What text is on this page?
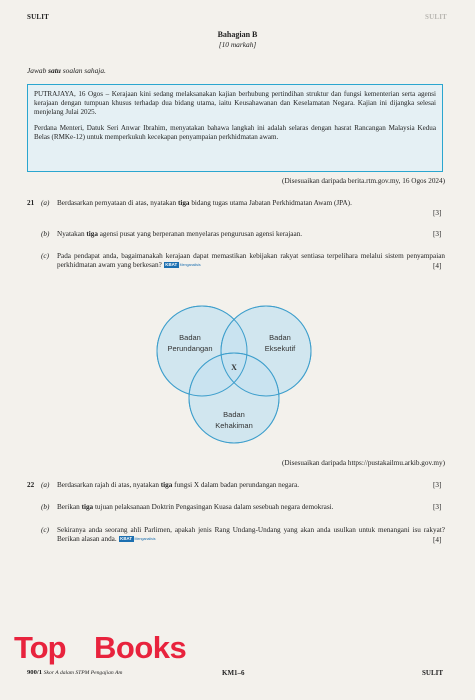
SULIT	SULIT
Bahagian B
[10 markah]
Jawab satu soalan sahaja.

PUTRAJAYA, 16 Ogos – Kerajaan kini sedang melaksanakan kajian berhubung pertindihan struktur dan fungsi kementerian serta agensi kerajaan dengan tumpuan khusus terhadap dua bidang utama, iaitu Keusahawanan dan Keselamatan Negara. Kajian ini dijangka selesai menjelang Julai 2025.

Perdana Menteri, Datuk Seri Anwar Ibrahim, menyatakan bahawa langkah ini adalah selaras dengan hasrat Rancangan Malaysia Kedua Belas (RMKe-12) untuk memperkukuh kecekapan penyampaian perkhidmatan awam.

(Disesuaikan daripada berita.rtm.gov.my, 16 Ogos 2024)
21 (a) Berdasarkan pernyataan di atas, nyatakan tiga bidang tugas utama Jabatan Perkhidmatan Awam (JPA).
[3]
(b) Nyatakan tiga agensi pusat yang berperanan menyelaras pengurusan agensi kerajaan.	[3]
(c) Pada pendapat anda, bagaimanakah kerajaan dapat memastikan kebijakan rakyat sentiasa terpelihara melalui sistem penyampaian perkhidmatan awam yang berkesan? KBAT Menganalisis	[4]
Badan
Perundangan
Badan
Eksekutif
Badan
Kehakiman
X
(Disesuaikan daripada https://pustakailmu.arkib.gov.my)
22 (a) Berdasarkan rajah di atas, nyatakan tiga fungsi X dalam badan perundangan negara.	[3]
(b) Berikan tiga tujuan pelaksanaan Doktrin Pengasingan Kuasa dalam sesebuah negara demokrasi.	[3]
(c) Sekiranya anda seorang ahli Parlimen, apakah jenis Rang Undang-Undang yang akan anda usulkan untuk menangani isu rakyat? Berikan alasan anda. KBAT Menganalisis	[4]
Top Books
900/1 Skor A dalam STPM Pengajian Am	KM1–6	SULIT
